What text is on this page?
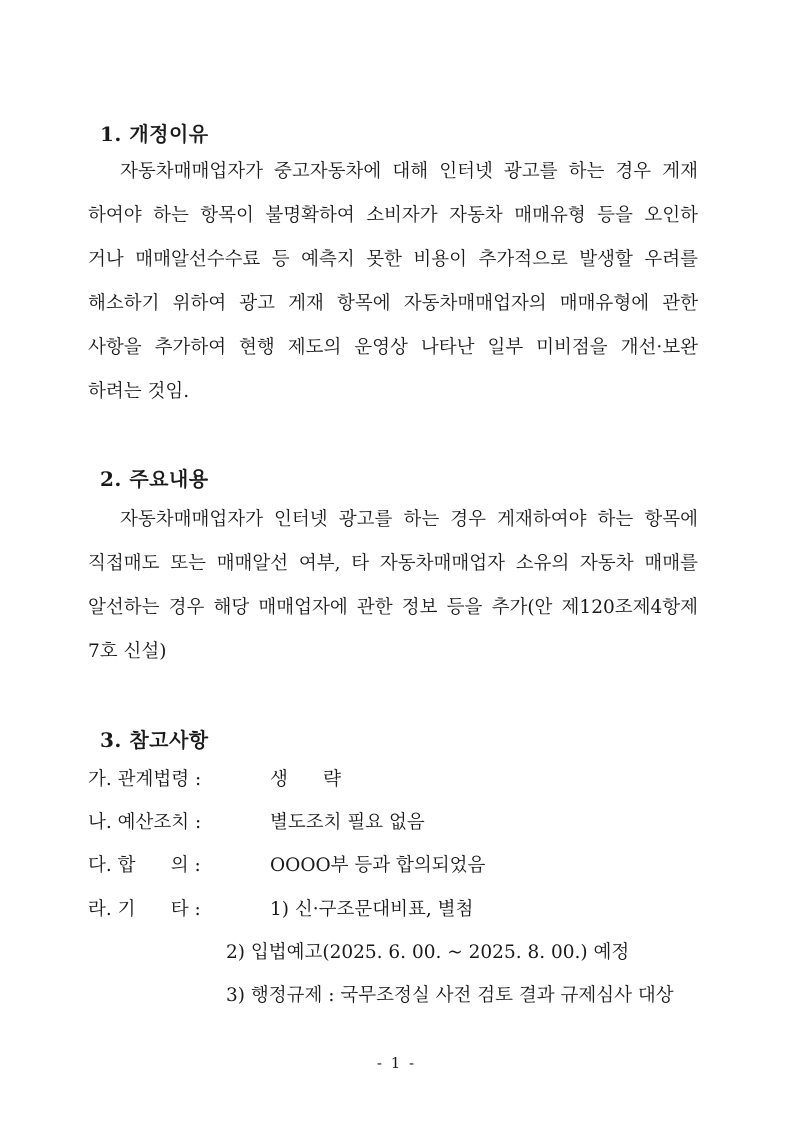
1. 개정이유
자동차매매업자가 중고자동차에 대해 인터넷 광고를 하는 경우 게재
하여야 하는 항목이 불명확하여 소비자가 자동차 매매유형 등을 오인하
거나 매매알선수수료 등 예측지 못한 비용이 추가적으로 발생할 우려를
해소하기 위하여 광고 게재 항목에 자동차매매업자의 매매유형에 관한
사항을 추가하여 현행 제도의 운영상 나타난 일부 미비점을 개선·보완
하려는 것임.
2. 주요내용
자동차매매업자가 인터넷 광고를 하는 경우 게재하여야 하는 항목에
직접매도 또는 매매알선 여부, 타 자동차매매업자 소유의 자동차 매매를
알선하는 경우 해당 매매업자에 관한 정보 등을 추가(안 제120조제4항제
7호 신설)
3. 참고사항
가. 관계법령 :	생      략
나. 예산조치 :	별도조치 필요 없음
다. 합      의 :	OOOO부 등과 합의되었음
라. 기      타 :	1) 신·구조문대비표, 별첨
2) 입법예고(2025. 6. 00. ~ 2025. 8. 00.) 예정
3) 행정규제 : 국무조정실 사전 검토 결과 규제심사 대상
- 1 -
